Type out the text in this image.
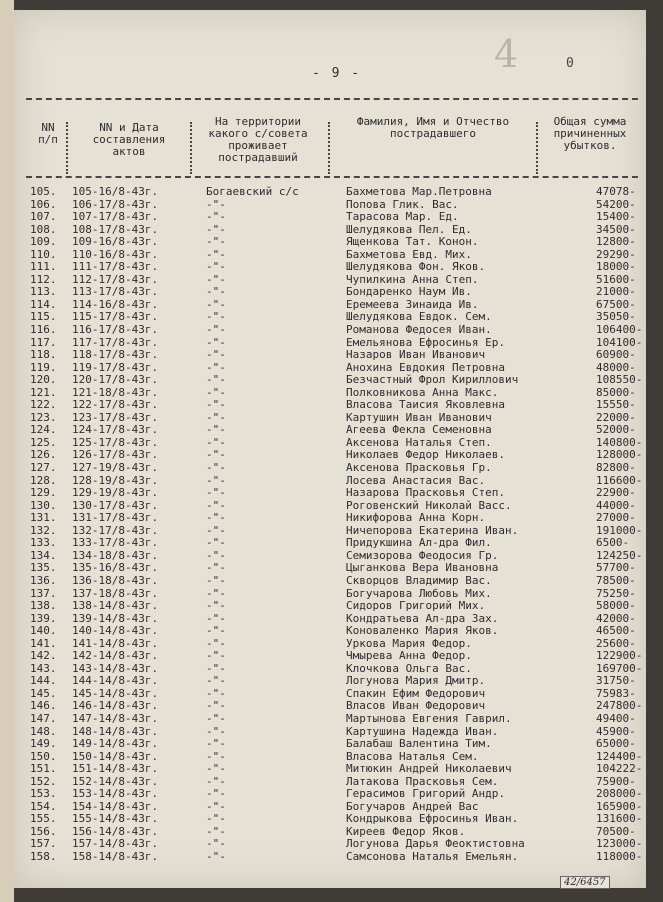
4	0
- 9 -
NN
п/п
NN и Дата
составления
актов
На территории
какого с/совета
проживает
пострадавший
Фамилия, Имя и Отчество
пострадавшего
Общая сумма
причиненных
убытков.
105. 105-16/8-43г.	Богаевский с/с	Бахметова Мар.Петровна	47078-
106. 106-17/8-43г.	-"-	Попова Глик. Вас.	54200-
107. 107-17/8-43г.	-"-	Тарасова Мар. Ед.	15400-
108. 108-17/8-43г.	-"-	Шелудякова Пел. Ед.	34500-
109. 109-16/8-43г.	-"-	Ященкова Тат. Конон.	12800-
110. 110-16/8-43г.	-"-	Бахметова Евд. Мих.	29290-
111. 111-17/8-43г.	-"-	Шелудякова Фон. Яков.	18000-
112. 112-17/8-43г.	-"-	Чупилкина Анна Степ.	51600-
113. 113-17/8-43г.	-"-	Бондаренко Наум Ив.	21000-
114. 114-16/8-43г.	-"-	Еремеева Зинаида Ив.	67500-
115. 115-17/8-43г.	-"-	Шелудякова Евдок. Сем.	35050-
116. 116-17/8-43г.	-"-	Романова Федосея Иван.	106400-
117. 117-17/8-43г.	-"-	Емельянова Ефросинья Ер.	104100-
118. 118-17/8-43г.	-"-	Назаров Иван Иванович	60900-
119. 119-17/8-43г.	-"-	Анохина Евдокия Петровна	48000-
120. 120-17/8-43г.	-"-	Безчастный Фрол Кириллович	108550-
121. 121-18/8-43г.	-"-	Полковникова Анна Макс.	85000-
122. 122-17/8-43г.	-"-	Власова Таисия Яковлевна	15550-
123. 123-17/8-43г.	-"-	Картушин Иван Иванович	22000-
124. 124-17/8-43г.	-"-	Агеева Фекла Семеновна	52000-
125. 125-17/8-43г.	-"-	Аксенова Наталья Степ.	140800-
126. 126-17/8-43г.	-"-	Николаев Федор Николаев.	128000-
127. 127-19/8-43г.	-"-	Аксенова Прасковья Гр.	82800-
128. 128-19/8-43г.	-"-	Лосева Анастасия Вас.	116600-
129. 129-19/8-43г.	-"-	Назарова Прасковья Степ.	22900-
130. 130-17/8-43г.	-"-	Роговенский Николай Васс.	44000-
131. 131-17/8-43г.	-"-	Никифорова Анна Корн.	27000-
132. 132-17/8-43г.	-"-	Ничепорова Екатерина Иван.	191000-
133. 133-17/8-43г.	-"-	Придукшина Ал-дра Фил.	6500-
134. 134-18/8-43г.	-"-	Семизорова Феодосия Гр.	124250-
135. 135-16/8-43г.	-"-	Цыганкова Вера Ивановна	57700-
136. 136-18/8-43г.	-"-	Скворцов Владимир Вас.	78500-
137. 137-18/8-43г.	-"-	Богучарова Любовь Мих.	75250-
138. 138-14/8-43г.	-"-	Сидоров Григорий Мих.	58000-
139. 139-14/8-43г.	-"-	Кондратьева Ал-дра Зах.	42000-
140. 140-14/8-43г.	-"-	Коноваленко Мария Яков.	46500-
141. 141-14/8-43г.	-"-	Уркова Мария Федор.	25600-
142. 142-14/8-43г.	-"-	Чмырева Анна Федор.	122900-
143. 143-14/8-43г.	-"-	Клочкова Ольга Вас.	169700-
144. 144-14/8-43г.	-"-	Логунова Мария Дмитр.	31750-
145. 145-14/8-43г.	-"-	Спакин Ефим Федорович	75983-
146. 146-14/8-43г.	-"-	Власов Иван Федорович	247800-
147. 147-14/8-43г.	-"-	Мартынова Евгения Гаврил.	49400-
148. 148-14/8-43г.	-"-	Картушина Надежда Иван.	45900-
149. 149-14/8-43г.	-"-	Балабаш Валентина Тим.	65000-
150. 150-14/8-43г.	-"-	Власова Наталья Сем.	124400-
151. 151-14/8-43г.	-"-	Митюкин Андрей Николаевич	104222-
152. 152-14/8-43г.	-"-	Латакова Прасковья Сем.	75900-
153. 153-14/8-43г.	-"-	Герасимов Григорий Андр.	208000-
154. 154-14/8-43г.	-"-	Богучаров Андрей Вас	165900-
155. 155-14/8-43г.	-"-	Кондрыкова Ефросинья Иван.	131600-
156. 156-14/8-43г.	-"-	Киреев Федор Яков.	70500-
157. 157-14/8-43г.	-"-	Логунова Дарья Феоктистовна	123000-
158. 158-14/8-43г.	-"-	Самсонова Наталья Емельян.	118000-
42/6457
